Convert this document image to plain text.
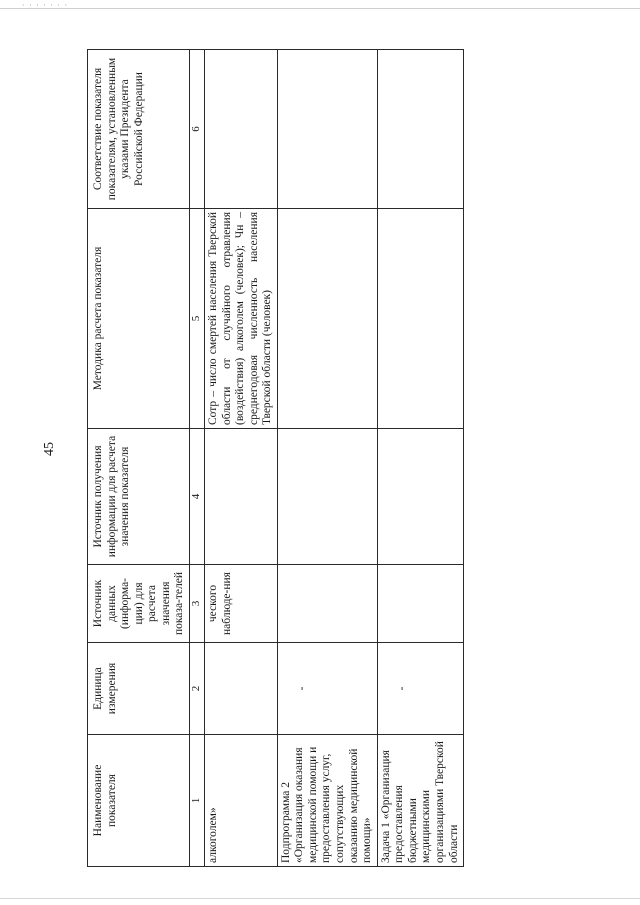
· · · · · · ·
45
Наименование показателя	Единица измерения	Источник данных (информа-ции) для расчета значения показа-телей	Источник получения информации для расчета значения показателя	Методика расчета показателя	Соответствие показателя показателям, установленным указами Президента Российской Федерации
1	2	3	4	5	6
алкоголем»		ческого наблюде-ния		Сотр – число смертей населения Тверской области от случайного отравления (воздействия) алкоголем (человек); Чн – среднегодовая численность населения Тверской области (человек)	
Подпрограмма 2 «Организация оказания медицинской помощи и предоставления услуг, сопутствующих оказанию медицинской помощи»	-				
Задача 1 «Организация предоставления бюджетными медицинскими организациями Тверской области	-				
